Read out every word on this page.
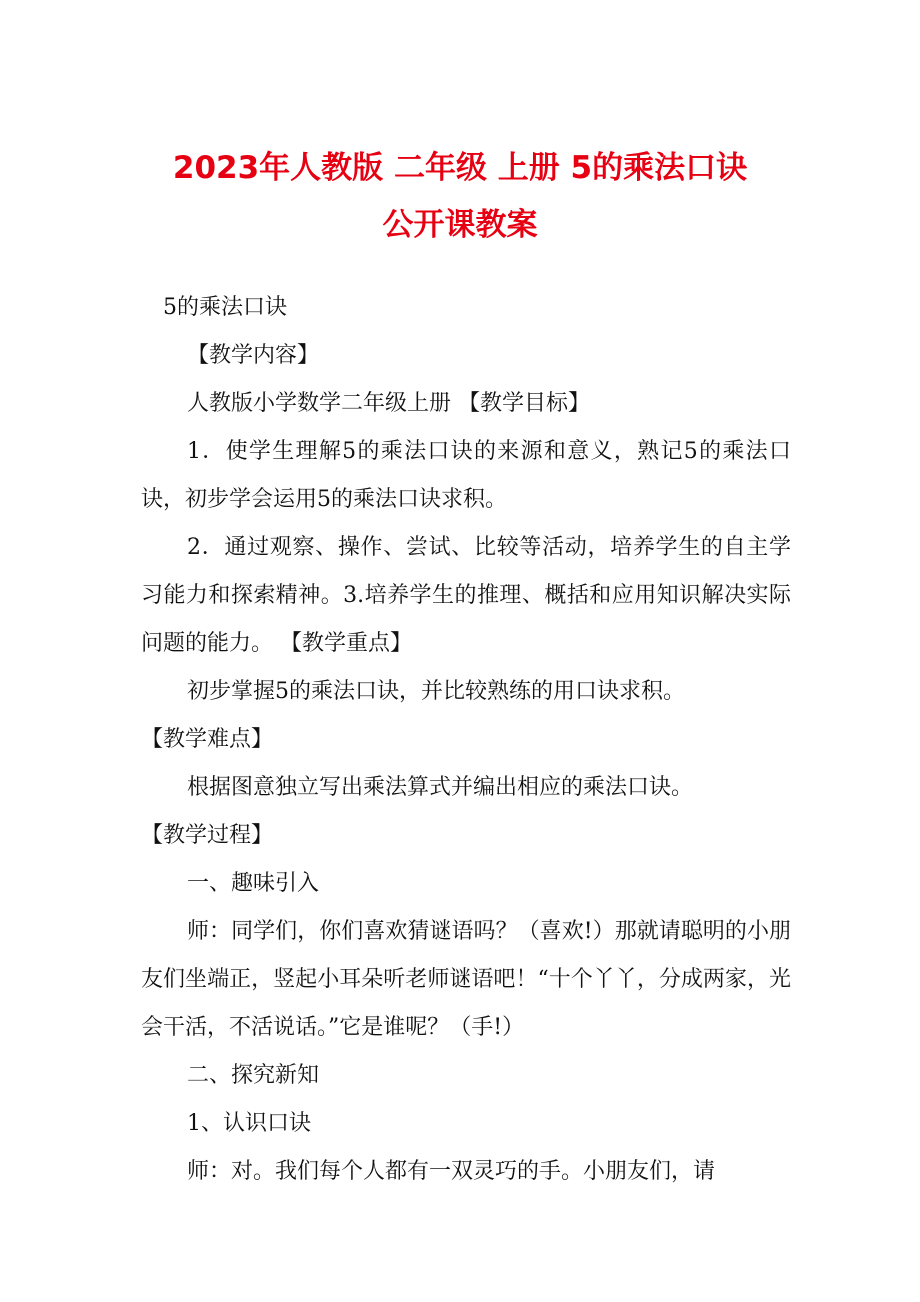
2023年人教版 二年级 上册 5的乘法口诀
公开课教案

5的乘法口诀

【教学内容】

人教版小学数学二年级上册 【教学目标】

1．使学生理解5的乘法口诀的来源和意义，熟记5的乘法口诀，初步学会运用5的乘法口诀求积。

2．通过观察、操作、尝试、比较等活动，培养学生的自主学习能力和探索精神。3.培养学生的推理、概括和应用知识解决实际问题的能力。 【教学重点】

初步掌握5的乘法口诀，并比较熟练的用口诀求积。

【教学难点】

根据图意独立写出乘法算式并编出相应的乘法口诀。

【教学过程】

一、趣味引入

师：同学们，你们喜欢猜谜语吗？（喜欢!）那就请聪明的小朋友们坐端正，竖起小耳朵听老师谜语吧！“十个丫丫，分成两家，光会干活，不活说话。”它是谁呢？（手!）

二、探究新知

1、认识口诀

师：对。我们每个人都有一双灵巧的手。小朋友们，请
